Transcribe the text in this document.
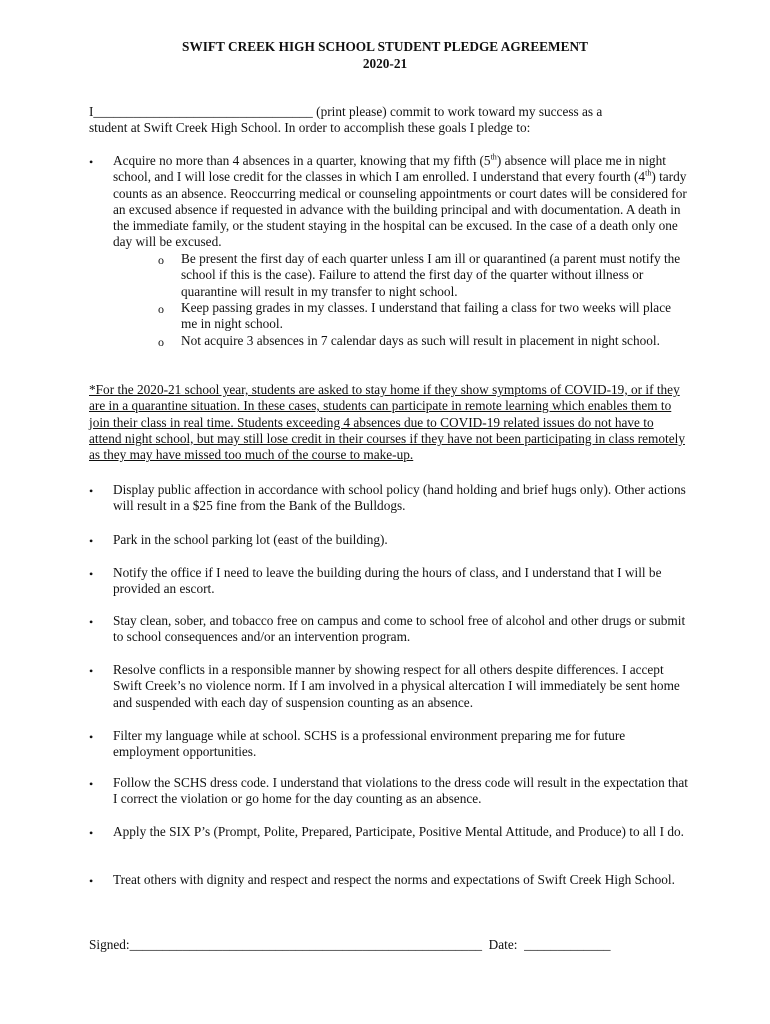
SWIFT CREEK HIGH SCHOOL STUDENT PLEDGE AGREEMENT
2020-21
I_________________________________ (print please) commit to work toward my success as a
student at Swift Creek High School. In order to accomplish these goals I pledge to:
•	Acquire no more than 4 absences in a quarter, knowing that my fifth (5th) absence will place me in night school, and I will lose credit for the classes in which I am enrolled. I understand that every fourth (4th) tardy counts as an absence. Reoccurring medical or counseling appointments or court dates will be considered for an excused absence if requested in advance with the building principal and with documentation. A death in the immediate family, or the student staying in the hospital can be excused. In the case of a death only one day will be excused.

o Be present the first day of each quarter unless I am ill or quarantined (a parent must notify the school if this is the case). Failure to attend the first day of the quarter without illness or quarantine will result in my transfer to night school.

o Keep passing grades in my classes. I understand that failing a class for two weeks will place me in night school.

o Not acquire 3 absences in 7 calendar days as such will result in placement in night school.

*For the 2020-21 school year, students are asked to stay home if they show symptoms of COVID-19, or if they are in a quarantine situation. In these cases, students can participate in remote learning which enables them to join their class in real time. Students exceeding 4 absences due to COVID-19 related issues do not have to attend night school, but may still lose credit in their courses if they have not been participating in class remotely as they may have missed too much of the course to make-up.

•	Display public affection in accordance with school policy (hand holding and brief hugs only). Other actions will result in a $25 fine from the Bank of the Bulldogs.

•	Park in the school parking lot (east of the building).

•	Notify the office if I need to leave the building during the hours of class, and I understand that I will be provided an escort.

•	Stay clean, sober, and tobacco free on campus and come to school free of alcohol and other drugs or submit to school consequences and/or an intervention program.

•	Resolve conflicts in a responsible manner by showing respect for all others despite differences. I accept Swift Creek’s no violence norm. If I am involved in a physical altercation I will immediately be sent home and suspended with each day of suspension counting as an absence.

•	Filter my language while at school. SCHS is a professional environment preparing me for future employment opportunities.

•	Follow the SCHS dress code. I understand that violations to the dress code will result in the expectation that I correct the violation or go home for the day counting as an absence.

•	Apply the SIX P’s (Prompt, Polite, Prepared, Participate, Positive Mental Attitude, and Produce) to all I do.

•	Treat others with dignity and respect and respect the norms and expectations of Swift Creek High School.

Signed:_____________________________________________________  Date:  _____________
